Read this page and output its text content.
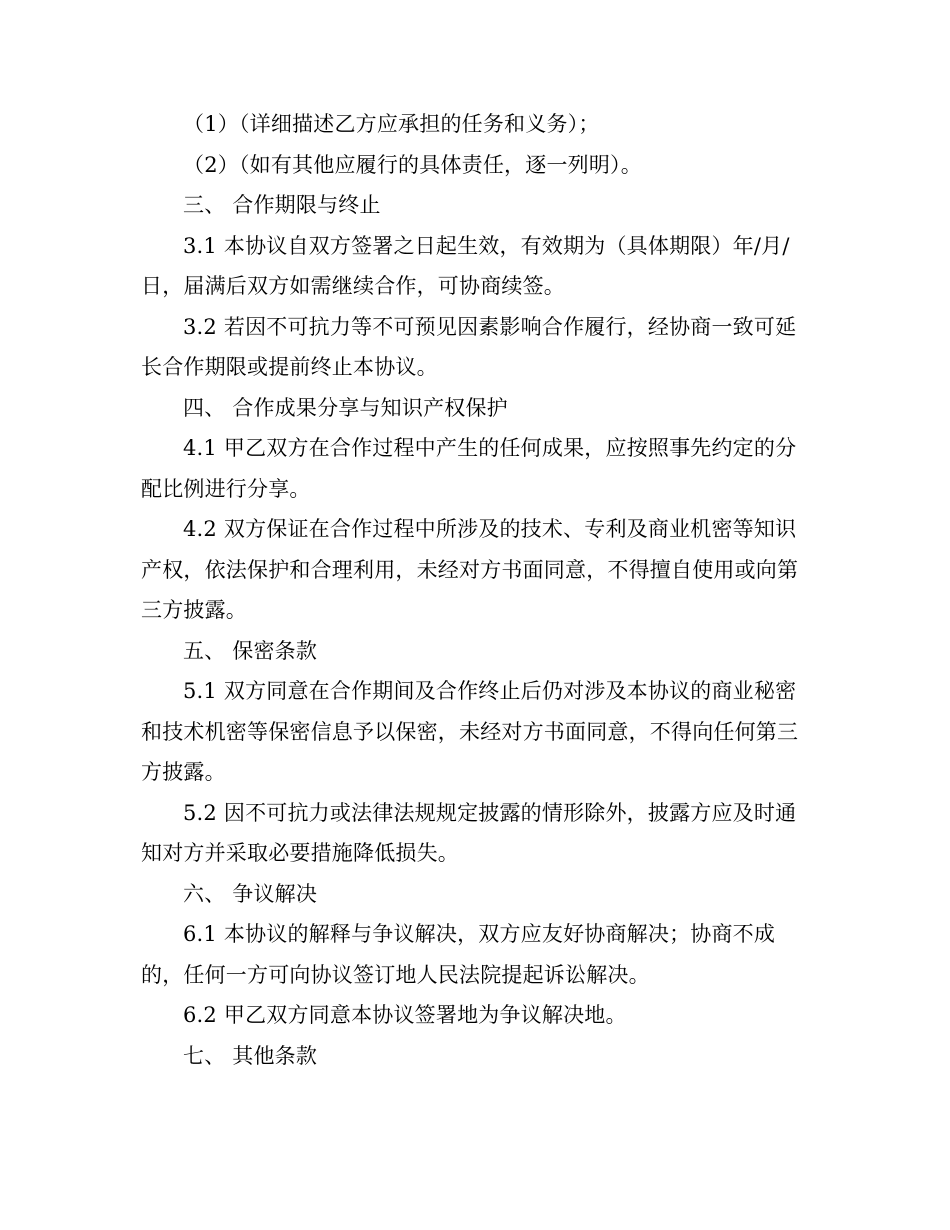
（1）（详细描述乙方应承担的任务和义务）；

（2）（如有其他应履行的具体责任，逐一列明）。

三、 合作期限与终止

3.1 本协议自双方签署之日起生效，有效期为（具体期限）年/月/日，届满后双方如需继续合作，可协商续签。

3.2 若因不可抗力等不可预见因素影响合作履行，经协商一致可延长合作期限或提前终止本协议。

四、 合作成果分享与知识产权保护

4.1 甲乙双方在合作过程中产生的任何成果，应按照事先约定的分配比例进行分享。

4.2 双方保证在合作过程中所涉及的技术、专利及商业机密等知识产权，依法保护和合理利用，未经对方书面同意，不得擅自使用或向第三方披露。

五、 保密条款

5.1 双方同意在合作期间及合作终止后仍对涉及本协议的商业秘密和技术机密等保密信息予以保密，未经对方书面同意，不得向任何第三方披露。

5.2 因不可抗力或法律法规规定披露的情形除外，披露方应及时通知对方并采取必要措施降低损失。

六、 争议解决

6.1 本协议的解释与争议解决，双方应友好协商解决；协商不成的，任何一方可向协议签订地人民法院提起诉讼解决。

6.2 甲乙双方同意本协议签署地为争议解决地。

七、 其他条款
